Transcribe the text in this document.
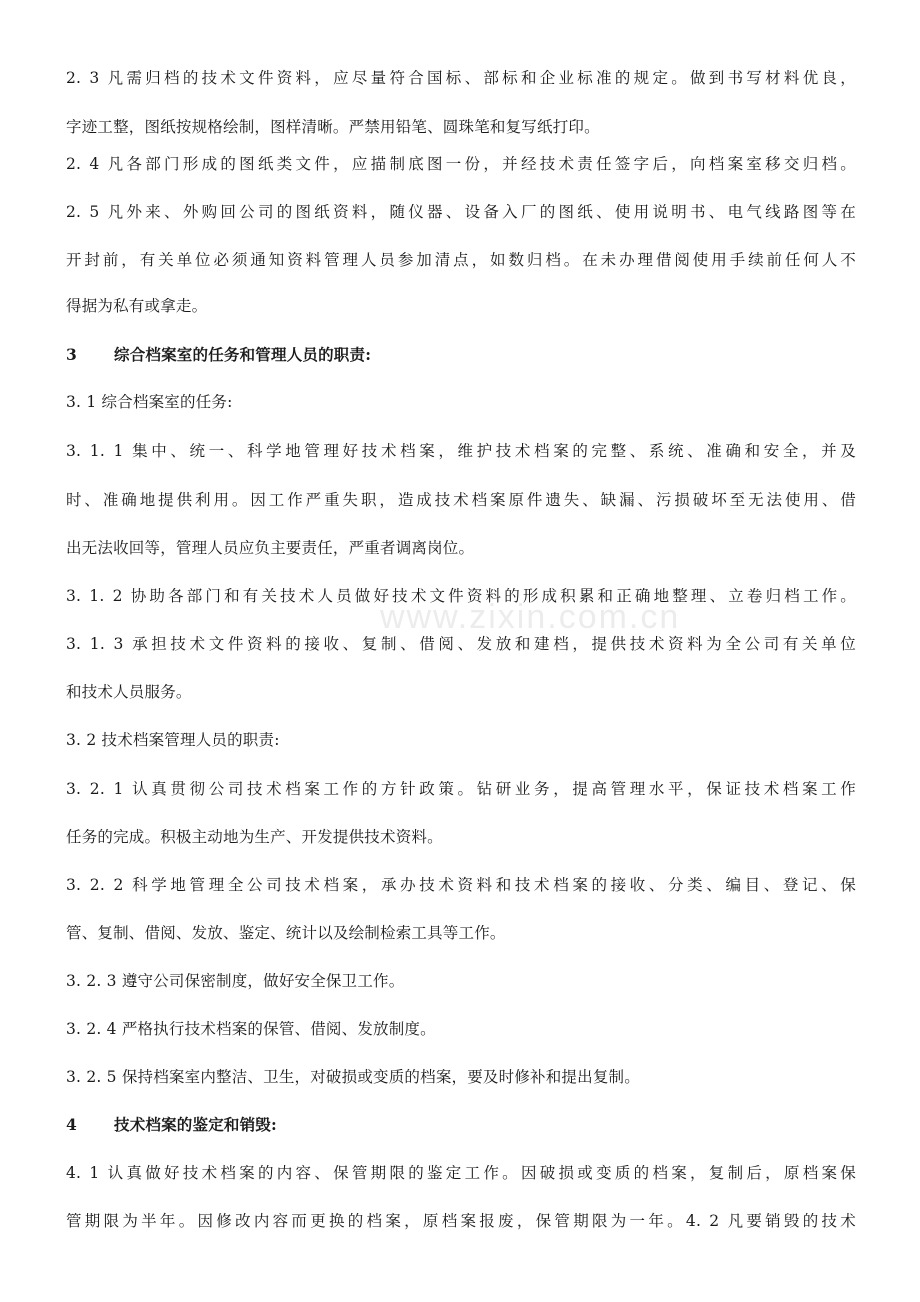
2. 3 凡需归档的技术文件资料，应尽量符合国标、部标和企业标准的规定。做到书写材料优良，
字迹工整，图纸按规格绘制，图样清晰。严禁用铅笔、圆珠笔和复写纸打印。
2. 4 凡各部门形成的图纸类文件，应描制底图一份，并经技术责任签字后，向档案室移交归档。
2. 5 凡外来、外购回公司的图纸资料，随仪器、设备入厂的图纸、使用说明书、电气线路图等在
开封前，有关单位必须通知资料管理人员参加清点，如数归档。在未办理借阅使用手续前任何人不
得据为私有或拿走。
3 综合档案室的任务和管理人员的职责:
3. 1 综合档案室的任务:
3. 1. 1 集中、统一、科学地管理好技术档案，维护技术档案的完整、系统、准确和安全，并及
时、准确地提供利用。因工作严重失职，造成技术档案原件遗失、缺漏、污损破坏至无法使用、借
出无法收回等，管理人员应负主要责任，严重者调离岗位。
3. 1. 2 协助各部门和有关技术人员做好技术文件资料的形成积累和正确地整理、立卷归档工作。
3. 1. 3 承担技术文件资料的接收、复制、借阅、发放和建档，提供技术资料为全公司有关单位
和技术人员服务。
3. 2 技术档案管理人员的职责:
3. 2. 1 认真贯彻公司技术档案工作的方针政策。钻研业务，提高管理水平，保证技术档案工作
任务的完成。积极主动地为生产、开发提供技术资料。
3. 2. 2 科学地管理全公司技术档案，承办技术资料和技术档案的接收、分类、编目、登记、保
管、复制、借阅、发放、鉴定、统计以及绘制检索工具等工作。
3. 2. 3 遵守公司保密制度，做好安全保卫工作。
3. 2. 4 严格执行技术档案的保管、借阅、发放制度。
3. 2. 5 保持档案室内整洁、卫生，对破损或变质的档案，要及时修补和提出复制。
4 技术档案的鉴定和销毁:
4. 1 认真做好技术档案的内容、保管期限的鉴定工作。因破损或变质的档案，复制后，原档案保
管期限为半年。因修改内容而更换的档案，原档案报废，保管期限为一年。4. 2 凡要销毁的技术
www.zixin.com.cn
